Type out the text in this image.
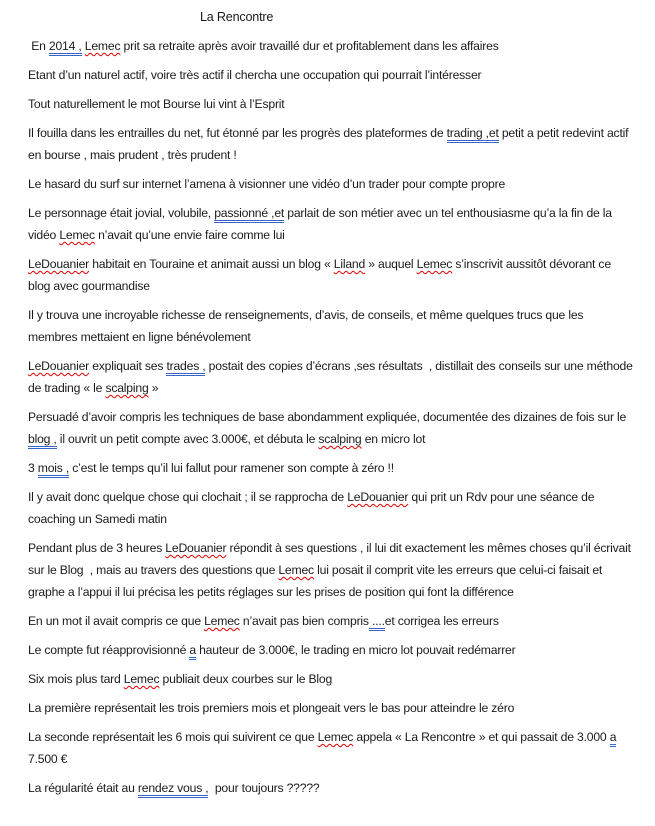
La Rencontre

En 2014 , Lemec prit sa retraite après avoir travaillé dur et profitablement dans les affaires

Etant d’un naturel actif, voire très actif il chercha une occupation qui pourrait l’intéresser

Tout naturellement le mot Bourse lui vint à l’Esprit

Il fouilla dans les entrailles du net, fut étonné par les progrès des plateformes de trading ,et petit a petit redevint actif en bourse , mais prudent , très prudent !

Le hasard du surf sur internet l’amena à visionner une vidéo d’un trader pour compte propre

Le personnage était jovial, volubile, passionné ,et parlait de son métier avec un tel enthousiasme qu’a la fin de la vidéo Lemec n’avait qu’une envie faire comme lui

LeDouanier habitait en Touraine et animait aussi un blog « Liland » auquel Lemec s’inscrivit aussitôt dévorant ce blog avec gourmandise

Il y trouva une incroyable richesse de renseignements, d’avis, de conseils, et même quelques trucs que les membres mettaient en ligne bénévolement

LeDouanier expliquait ses trades , postait des copies d’écrans ,ses résultats  , distillait des conseils sur une méthode de trading « le scalping »

Persuadé d’avoir compris les techniques de base abondamment expliquée, documentée des dizaines de fois sur le blog , il ouvrit un petit compte avec 3.000€, et débuta le scalping en micro lot

3 mois , c’est le temps qu’il lui fallut pour ramener son compte à zéro !!

Il y avait donc quelque chose qui clochait ; il se rapprocha de LeDouanier qui prit un Rdv pour une séance de coaching un Samedi matin

Pendant plus de 3 heures LeDouanier répondit à ses questions , il lui dit exactement les mêmes choses qu’il écrivait sur le Blog  , mais au travers des questions que Lemec lui posait il comprit vite les erreurs que celui-ci faisait et graphe a l’appui il lui précisa les petits réglages sur les prises de position qui font la différence

En un mot il avait compris ce que Lemec n’avait pas bien compris ....et corrigea les erreurs

Le compte fut réapprovisionné a hauteur de 3.000€, le trading en micro lot pouvait redémarrer

Six mois plus tard Lemec publiait deux courbes sur le Blog

La première représentait les trois premiers mois et plongeait vers le bas pour atteindre le zéro

La seconde représentait les 6 mois qui suivirent ce que Lemec appela « La Rencontre » et qui passait de 3.000 a 7.500 €

La régularité était au rendez vous ,  pour toujours ?????
